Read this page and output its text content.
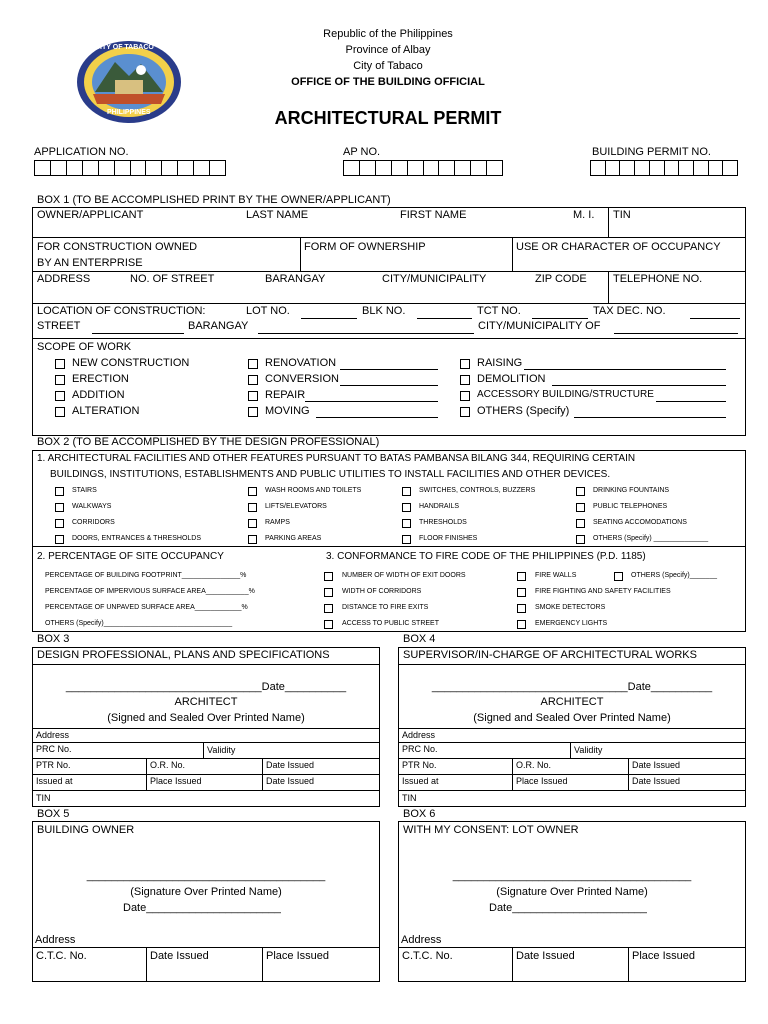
CITY OF TABACO
PHILIPPINES
Republic of the Philippines
Province of Albay
City of Tabaco
OFFICE OF THE BUILDING OFFICIAL
ARCHITECTURAL PERMIT
APPLICATION NO.	AP NO.	BUILDING PERMIT NO.
BOX 1 (TO BE ACCOMPLISHED PRINT BY THE OWNER/APPLICANT)
OWNER/APPLICANT	LAST NAME	FIRST NAME	M. I. TIN
FOR CONSTRUCTION OWNED
BY AN ENTERPRISE
FORM OF OWNERSHIP	USE OR CHARACTER OF OCCUPANCY
ADDRESS	NO. OF STREET	BARANGAY	CITY/MUNICIPALITY	ZIP CODE TELEPHONE NO.
LOCATION OF CONSTRUCTION:	LOT NO.	BLK NO.	TCT NO.	TAX DEC. NO.
STREET	BARANGAY	CITY/MUNICIPALITY OF
SCOPE OF WORK
NEW CONSTRUCTION
ERECTION
ADDITION
ALTERATION
RENOVATION
CONVERSION
REPAIR
MOVING
RAISING
DEMOLITION
ACCESSORY BUILDING/STRUCTURE
OTHERS (Specify)
BOX 2 (TO BE ACCOMPLISHED BY THE DESIGN PROFESSIONAL)
1. ARCHITECTURAL FACILITIES AND OTHER FEATURES PURSUANT TO BATAS PAMBANSA BILANG 344, REQUIRING CERTAIN
BUILDINGS, INSTITUTIONS, ESTABLISHMENTS AND PUBLIC UTILITIES TO INSTALL FACILITIES AND OTHER DEVICES.
STAIRS
WALKWAYS
CORRIDORS
DOORS, ENTRANCES & THRESHOLDS
WASH ROOMS AND TOILETS
LIFTS/ELEVATORS
RAMPS
PARKING AREAS
SWITCHES, CONTROLS, BUZZERS
HANDRAILS
THRESHOLDS
FLOOR FINISHES
DRINKING FOUNTAINS
PUBLIC TELEPHONES
SEATING ACCOMODATIONS
OTHERS (Specify) ______________
2. PERCENTAGE OF SITE OCCUPANCY
PERCENTAGE OF BUILDING FOOTPRINT_______________%
PERCENTAGE OF IMPERVIOUS SURFACE AREA___________%
PERCENTAGE OF UNPAVED SURFACE AREA____________%
OTHERS (Specify)_________________________________
3. CONFORMANCE TO FIRE CODE OF THE PHILIPPINES (P.D. 1185)
NUMBER OF WIDTH OF EXIT DOORS
WIDTH OF CORRIDORS
DISTANCE TO FIRE EXITS
ACCESS TO PUBLIC STREET
FIRE WALLS
FIRE FIGHTING AND SAFETY FACILITIES
SMOKE DETECTORS
EMERGENCY LIGHTS
OTHERS (Specify)_______
BOX 3
DESIGN PROFESSIONAL, PLANS AND SPECIFICATIONS
________________________________Date__________
ARCHITECT
(Signed and Sealed Over Printed Name)
Address
PRC No.	Validity
PTR No.	O.R. No.	Date Issued
Issued at	Place Issued	Date Issued
TIN
BOX 4
SUPERVISOR/IN-CHARGE OF ARCHITECTURAL WORKS
________________________________Date__________
ARCHITECT
(Signed and Sealed Over Printed Name)
Address
PRC No.	Validity
PTR No.	O.R. No.	Date Issued
Issued at	Place Issued	Date Issued
TIN
BOX 5
BUILDING OWNER
_______________________________________
(Signature Over Printed Name)
Date______________________
Address
C.T.C. No.	Date Issued	Place Issued
BOX 6
WITH MY CONSENT: LOT OWNER
_______________________________________
(Signature Over Printed Name)
Date______________________
Address
C.T.C. No.	Date Issued	Place Issued
